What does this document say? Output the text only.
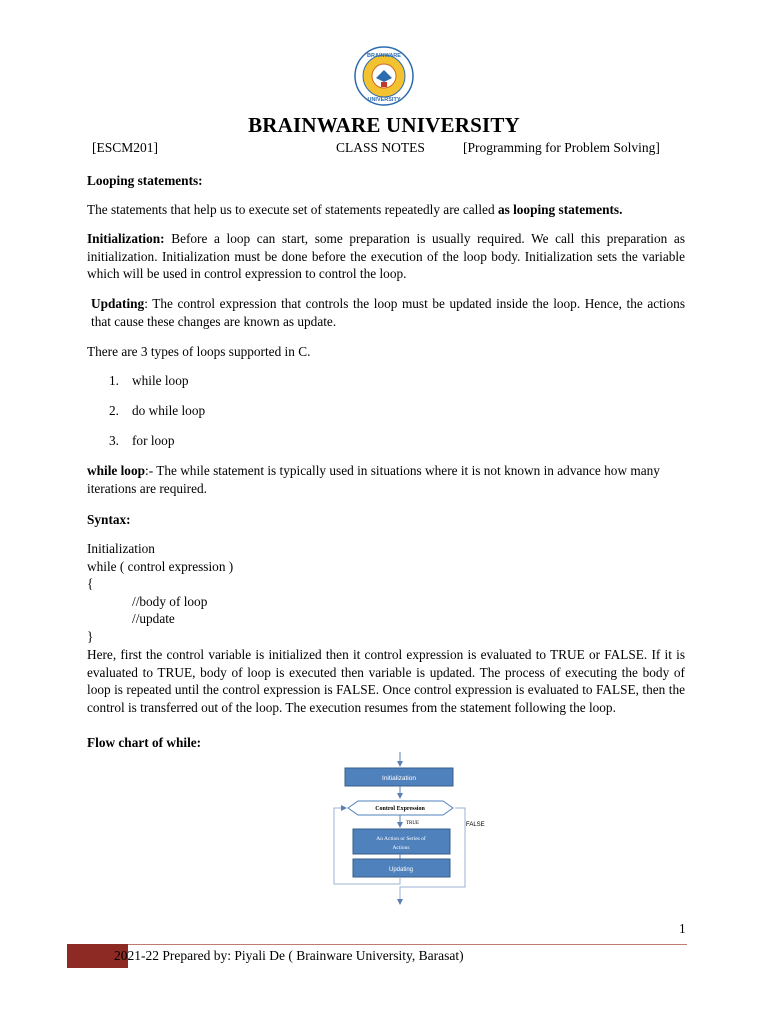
BRAINWARE
UNIVERSITY
BRAINWARE UNIVERSITY
[ESCM201]	CLASS NOTES	[Programming for Problem Solving]
Looping statements:
The statements that help us to execute set of statements repeatedly are called as looping statements.
Initialization: Before a loop can start, some preparation is usually required. We call this preparation as initialization. Initialization must be done before the execution of the loop body. Initialization sets the variable which will be used in control expression to control the loop.
Updating: The control expression that controls the loop must be updated inside the loop. Hence, the actions that cause these changes are known as update.
There are 3 types of loops supported in C.
1. while loop
2. do while loop
3. for loop
while loop:- The while statement is typically used in situations where it is not known in advance how many iterations are required.
Syntax:
Initialization
while ( control expression )
{
//body of loop
//update
}
Here, first the control variable is initialized then it control expression is evaluated to TRUE or FALSE. If it is evaluated to TRUE, body of loop is executed then variable is updated. The process of executing the body of loop is repeated until the control expression is FALSE. Once control expression is evaluated to FALSE, then the control is transferred out of the loop. The execution resumes from the statement following the loop.
Flow chart of while:
Initialization
Control Expression
TRUE
An Action or Series of
Actions
Updating
FALSE
1
2021-22 Prepared by: Piyali De ( Brainware University, Barasat)
